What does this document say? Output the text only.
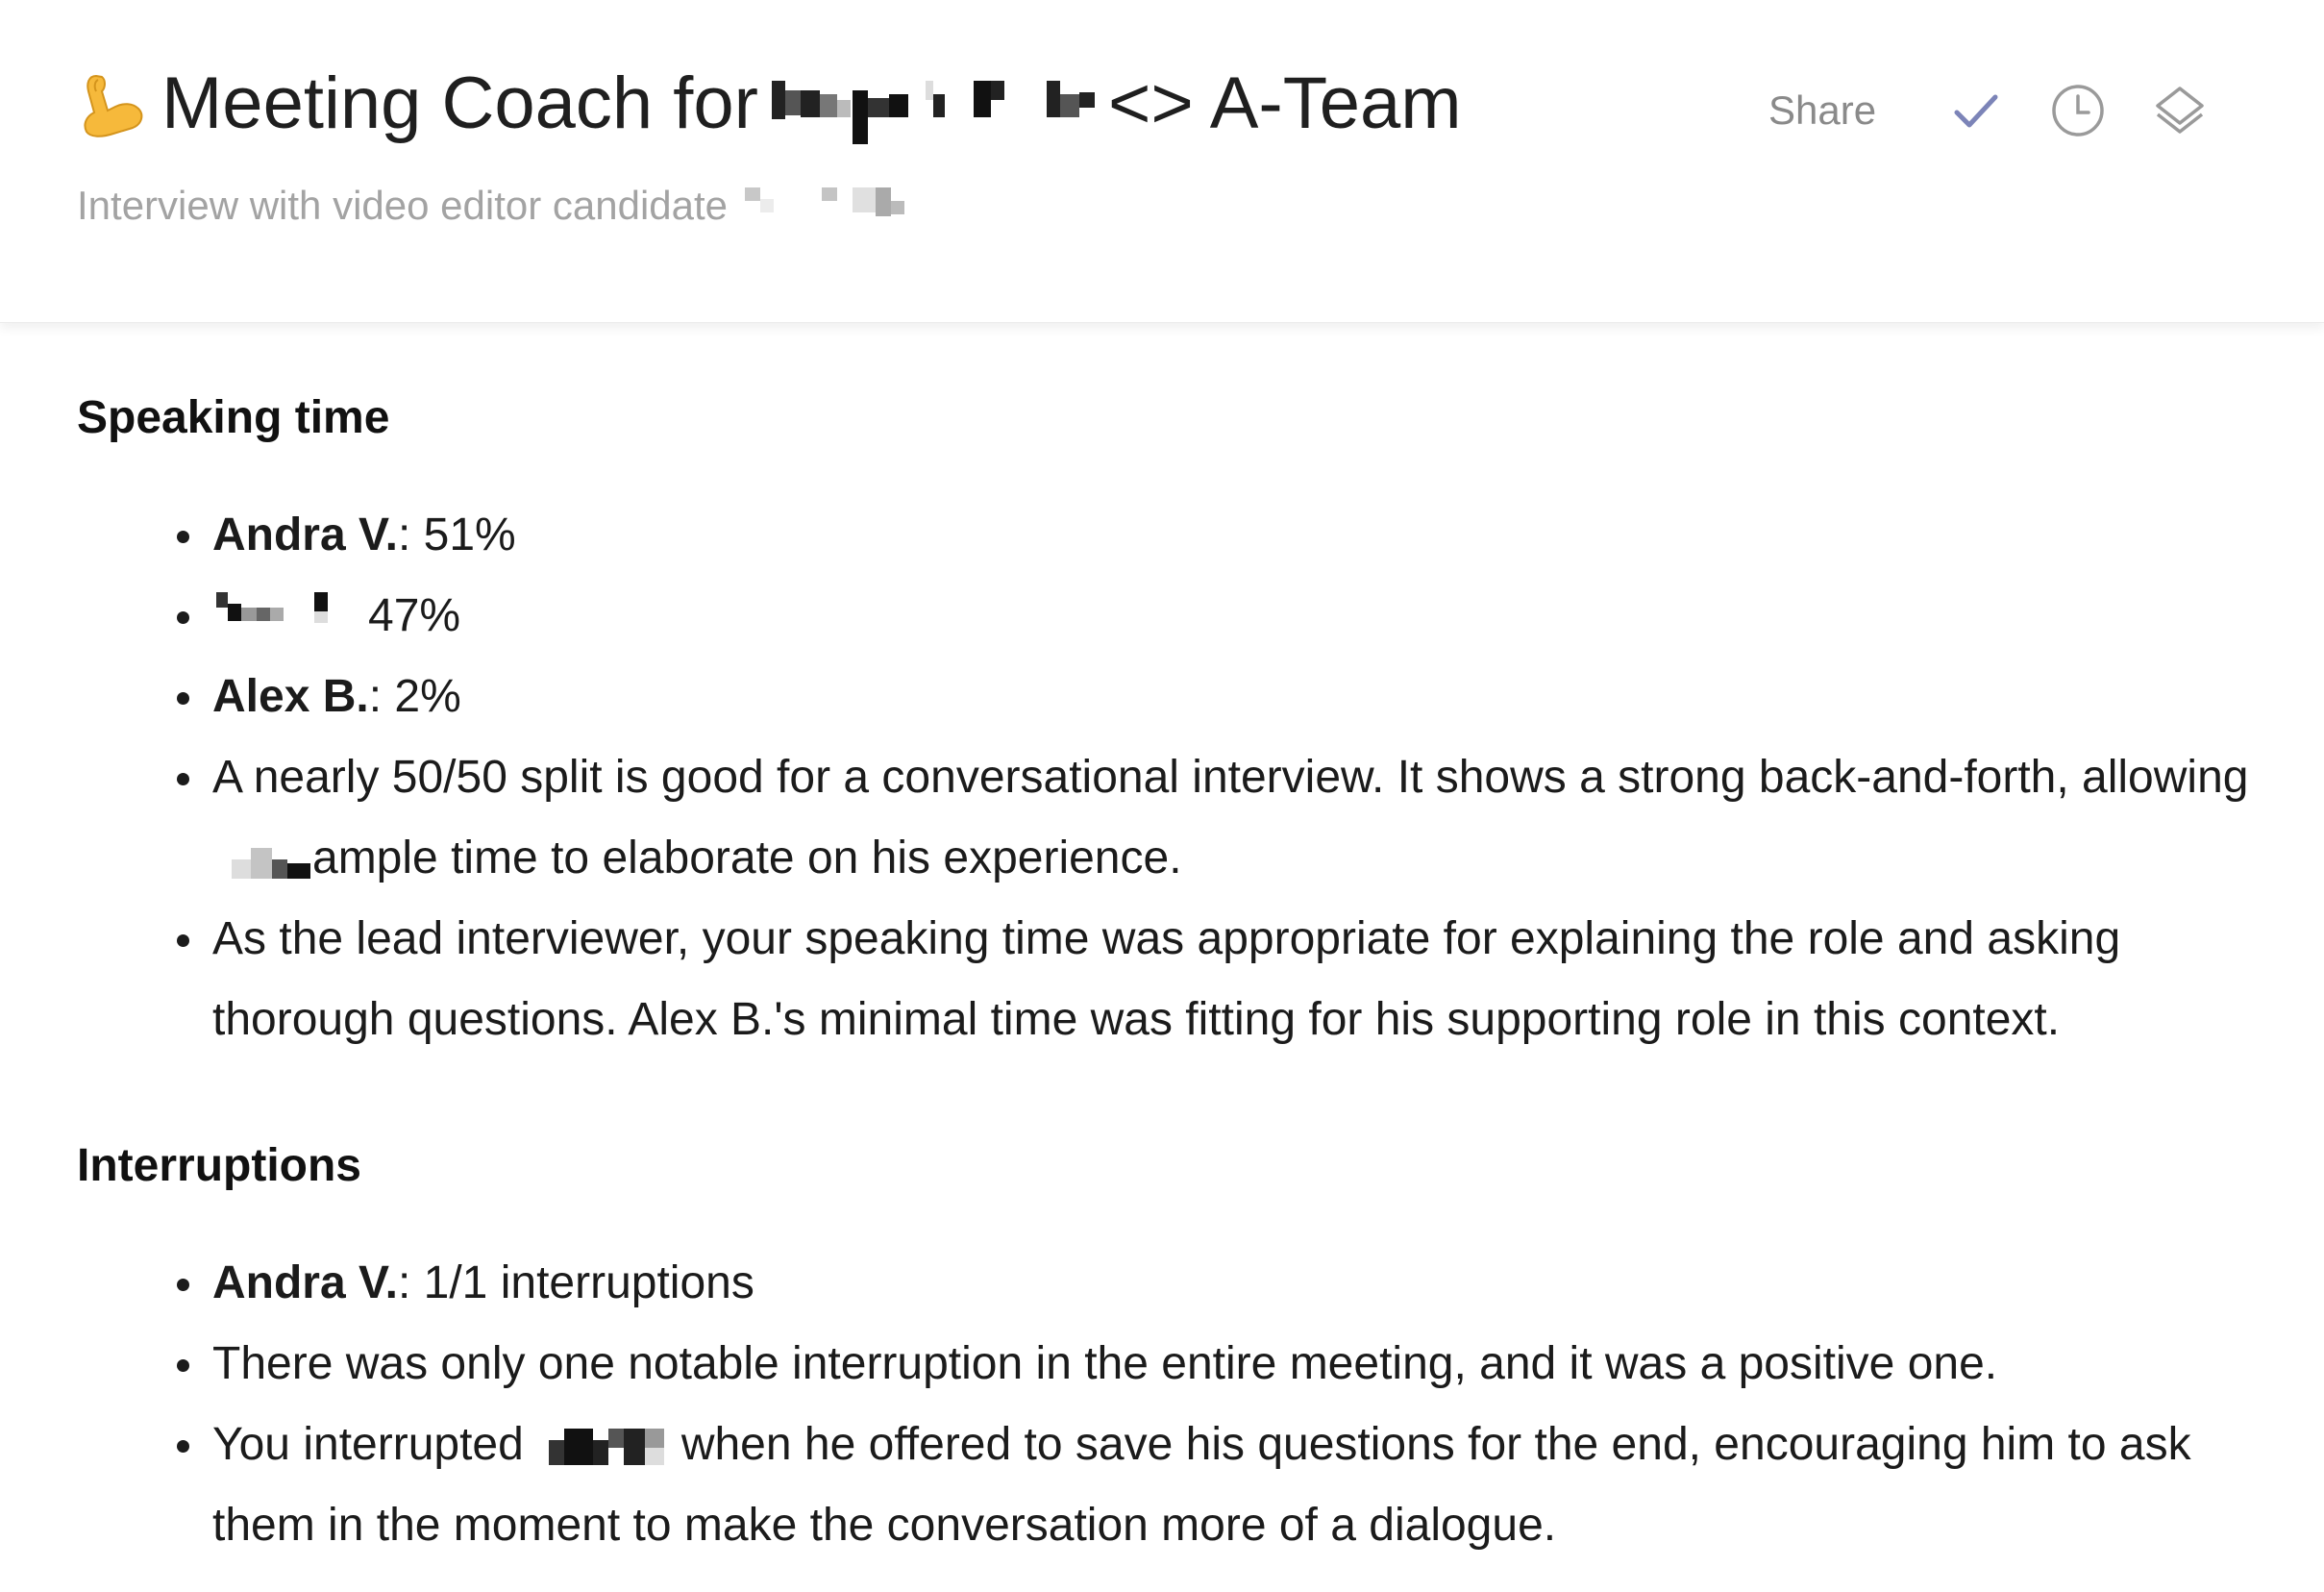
Meeting Coach for	<> A-Team
Interview with video editor candidate
Share
Speaking time
Andra V.: 51%
47%
Alex B.: 2%
A nearly 50/50 split is good for a conversational interview. It shows a strong back-and-forth, allowing
ample time to elaborate on his experience.
As the lead interviewer, your speaking time was appropriate for explaining the role and asking thorough questions. Alex B.'s minimal time was fitting for his supporting role in this context.
Interruptions
Andra V.: 1/1 interruptions
There was only one notable interruption in the entire meeting, and it was a positive one.
You interrupted	when he offered to save his questions for the end, encouraging him to ask them in the moment to make the conversation more of a dialogue.
